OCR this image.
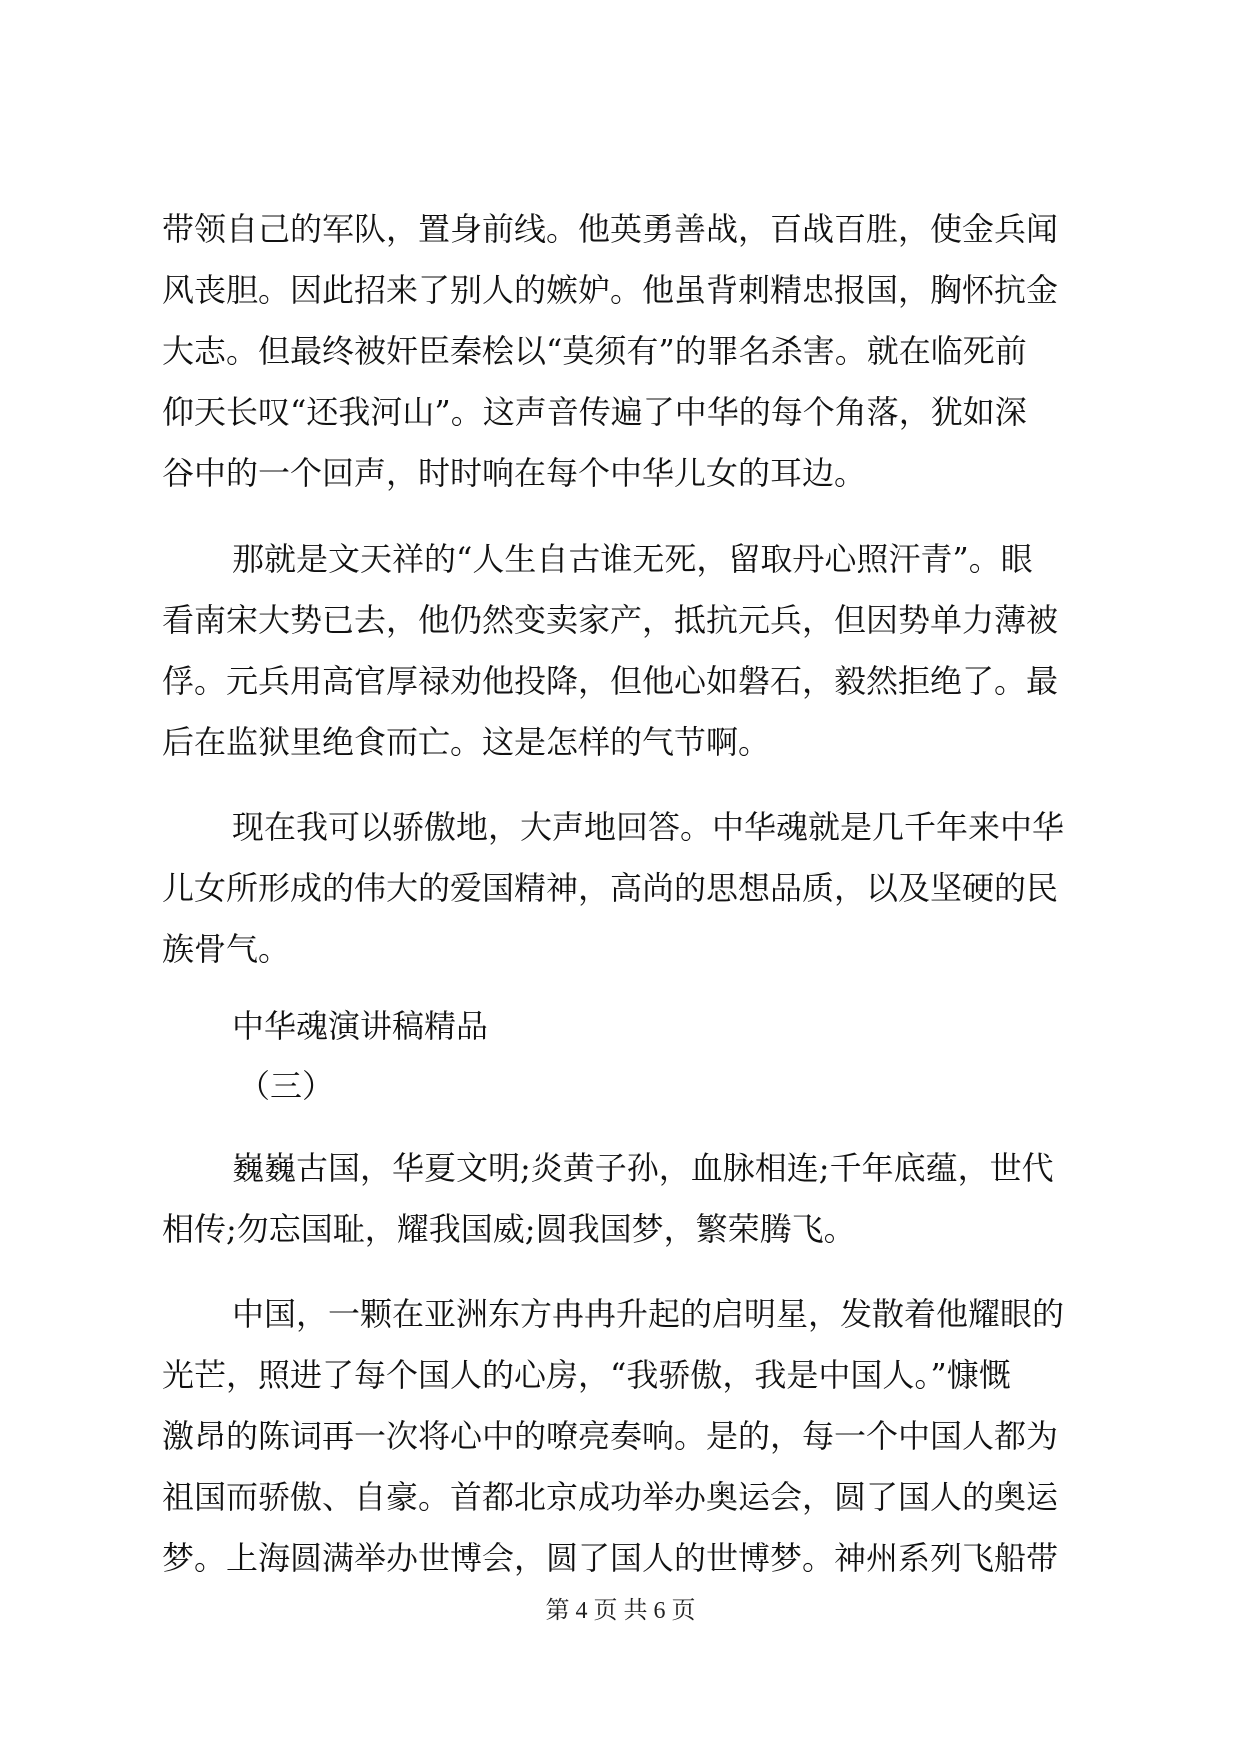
带领自己的军队，置身前线。他英勇善战，百战百胜，使金兵闻
风丧胆。因此招来了别人的嫉妒。他虽背刺精忠报国，胸怀抗金
大志。但最终被奸臣秦桧以“莫须有”的罪名杀害。就在临死前
仰天长叹“还我河山”。这声音传遍了中华的每个角落，犹如深
谷中的一个回声，时时响在每个中华儿女的耳边。
那就是文天祥的“人生自古谁无死，留取丹心照汗青”。眼
看南宋大势已去，他仍然变卖家产，抵抗元兵，但因势单力薄被
俘。元兵用高官厚禄劝他投降，但他心如磐石，毅然拒绝了。最
后在监狱里绝食而亡。这是怎样的气节啊。
现在我可以骄傲地，大声地回答。中华魂就是几千年来中华
儿女所形成的伟大的爱国精神，高尚的思想品质，以及坚硬的民
族骨气。
中华魂演讲稿精品
（三）
巍巍古国，华夏文明;炎黄子孙，血脉相连;千年底蕴，世代
相传;勿忘国耻，耀我国威;圆我国梦，繁荣腾飞。
中国，一颗在亚洲东方冉冉升起的启明星，发散着他耀眼的
光芒，照进了每个国人的心房，“我骄傲，我是中国人。”慷慨
激昂的陈词再一次将心中的嘹亮奏响。是的，每一个中国人都为
祖国而骄傲、自豪。首都北京成功举办奥运会，圆了国人的奥运
梦。上海圆满举办世博会，圆了国人的世博梦。神州系列飞船带
第 4 页 共 6 页
